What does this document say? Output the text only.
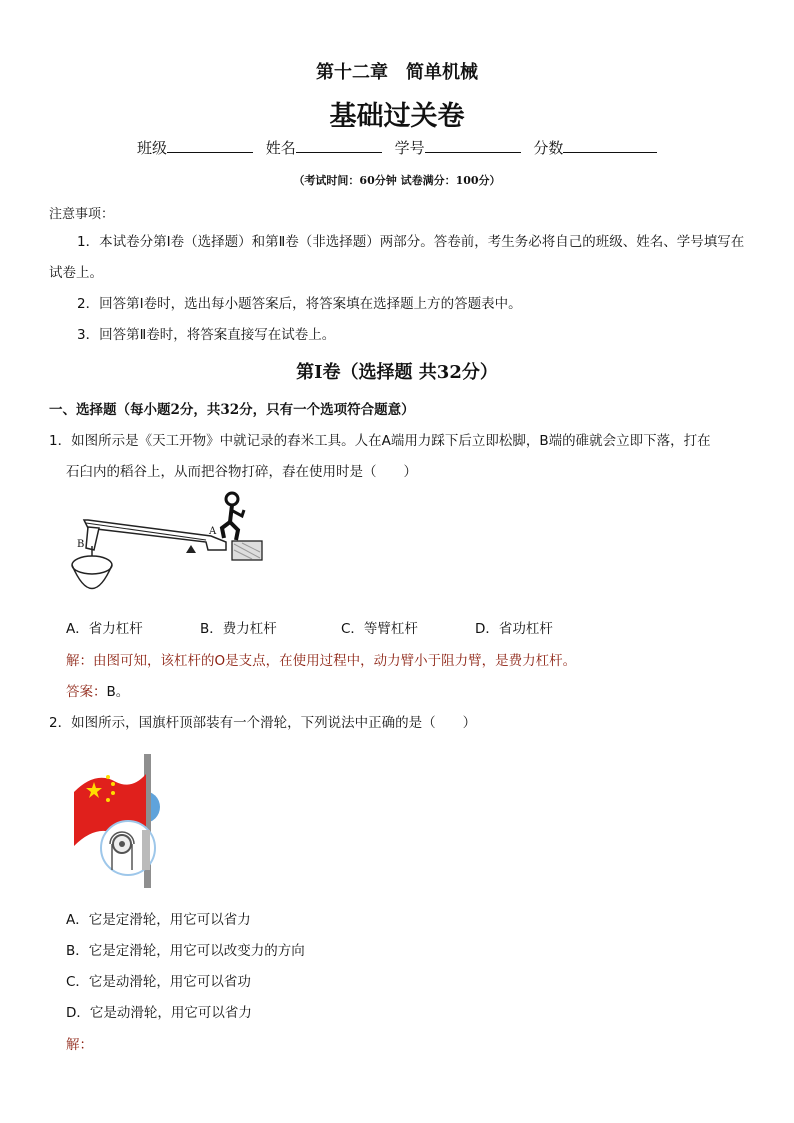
第十二章 简单机械
基础过关卷
班级	姓名	学号	分数
（考试时间：60分钟 试卷满分：100分）
注意事项：
1．本试卷分第Ⅰ卷（选择题）和第Ⅱ卷（非选择题）两部分。答卷前，考生务必将自己的班级、姓名、学号填写在试卷上。
2．回答第Ⅰ卷时，选出每小题答案后，将答案填在选择题上方的答题表中。
3．回答第Ⅱ卷时，将答案直接写在试卷上。
第Ⅰ卷（选择题 共32分）
一、选择题（每小题2分，共32分，只有一个选项符合题意）
1．如图所示是《天工开物》中就记录的舂米工具。人在A端用力踩下后立即松脚，B端的碓就会立即下落，打在
石臼内的稻谷上，从而把谷物打碎，舂在使用时是（　　）
B
A
A．省力杠杆	B．费力杠杆	C．等臂杠杆	D．省功杠杆
解：由图可知，该杠杆的O是支点，在使用过程中，动力臂小于阻力臂，是费力杠杆。
答案：B。
2．如图所示，国旗杆顶部装有一个滑轮，下列说法中正确的是（　　）
A．它是定滑轮，用它可以省力
B．它是定滑轮，用它可以改变力的方向
C．它是动滑轮，用它可以省功
D．它是动滑轮，用它可以省力
解：
